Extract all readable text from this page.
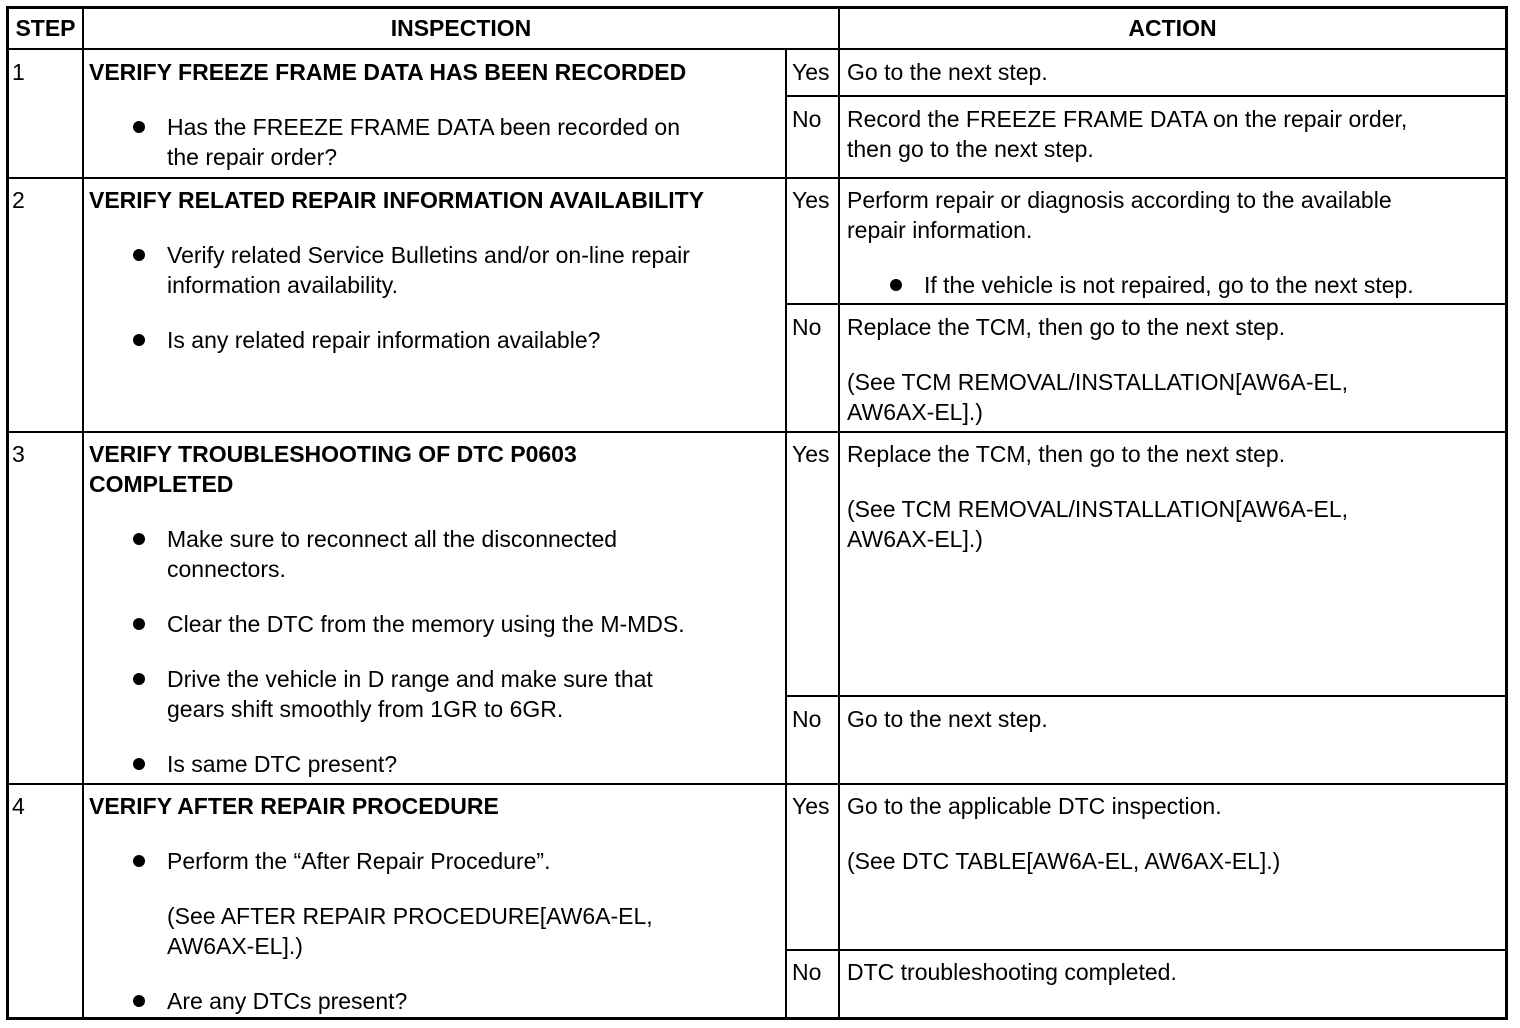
STEP	INSPECTION	ACTION
1	VERIFY FREEZE FRAME DATA HAS BEEN RECORDED
Has the FREEZE FRAME DATA been recorded on
the repair order?
Yes Go to the next step.
No Record the FREEZE FRAME DATA on the repair order,
then go to the next step.
2	VERIFY RELATED REPAIR INFORMATION AVAILABILITY
Verify related Service Bulletins and/or on-line repair
information availability.
Is any related repair information available?
Yes Perform repair or diagnosis according to the available
repair information.
If the vehicle is not repaired, go to the next step.
No Replace the TCM, then go to the next step.
(See TCM REMOVAL/INSTALLATION[AW6A-EL,
AW6AX-EL].)
3	VERIFY TROUBLESHOOTING OF DTC P0603
COMPLETED
Make sure to reconnect all the disconnected
connectors.
Clear the DTC from the memory using the M-MDS.
Drive the vehicle in D range and make sure that
gears shift smoothly from 1GR to 6GR.
Is same DTC present?
Yes Replace the TCM, then go to the next step.
(See TCM REMOVAL/INSTALLATION[AW6A-EL,
AW6AX-EL].)
No Go to the next step.
4	VERIFY AFTER REPAIR PROCEDURE
Perform the “After Repair Procedure”.
(See AFTER REPAIR PROCEDURE[AW6A-EL,
AW6AX-EL].)
Are any DTCs present?
Yes Go to the applicable DTC inspection.
(See DTC TABLE[AW6A-EL, AW6AX-EL].)
No DTC troubleshooting completed.
